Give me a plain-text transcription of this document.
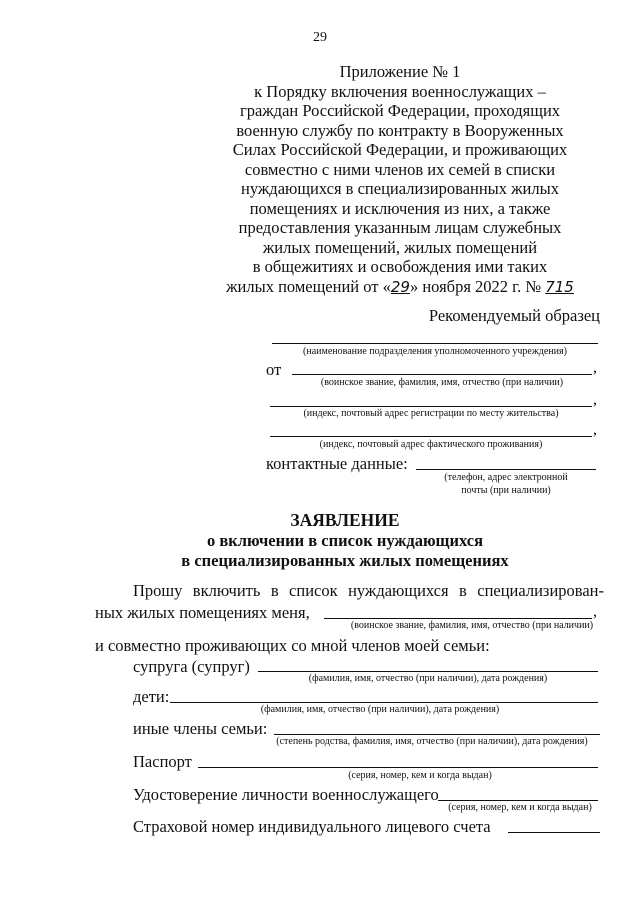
29
Приложение № 1
к Порядку включения военнослужащих –
граждан Российской Федерации, проходящих
военную службу по контракту в Вооруженных
Силах Российской Федерации, и проживающих
совместно с ними членов их семей в списки
нуждающихся в специализированных жилых
помещениях и исключения из них, а также
предоставления указанным лицам служебных
жилых помещений, жилых помещений
в общежитиях и освобождения ими таких
жилых помещений от «29» ноября 2022 г. № 715
Рекомендуемый образец
(наименование подразделения уполномоченного учреждения)
от	,
(воинское звание, фамилия, имя, отчество (при наличии)
,
(индекс, почтовый адрес регистрации по месту жительства)
,
(индекс, почтовый адрес фактического проживания)
контактные данные:
(телефон, адрес электронной
почты (при наличии)
ЗАЯВЛЕНИЕ
о включении в список нуждающихся
в специализированных жилых помещениях
Прошу включить в список нуждающихся в специализирован-
ных жилых помещениях меня,	,
(воинское звание, фамилия, имя, отчество (при наличии)
и совместно проживающих со мной членов моей семьи:
супруга (супруг)
(фамилия, имя, отчество (при наличии), дата рождения)
дети:
(фамилия, имя, отчество (при наличии), дата рождения)
иные члены семьи:
(степень родства, фамилия, имя, отчество (при наличии), дата рождения)
Паспорт
(серия, номер, кем и когда выдан)
Удостоверение личности военнослужащего
(серия, номер, кем и когда выдан)
Страховой номер индивидуального лицевого счета
